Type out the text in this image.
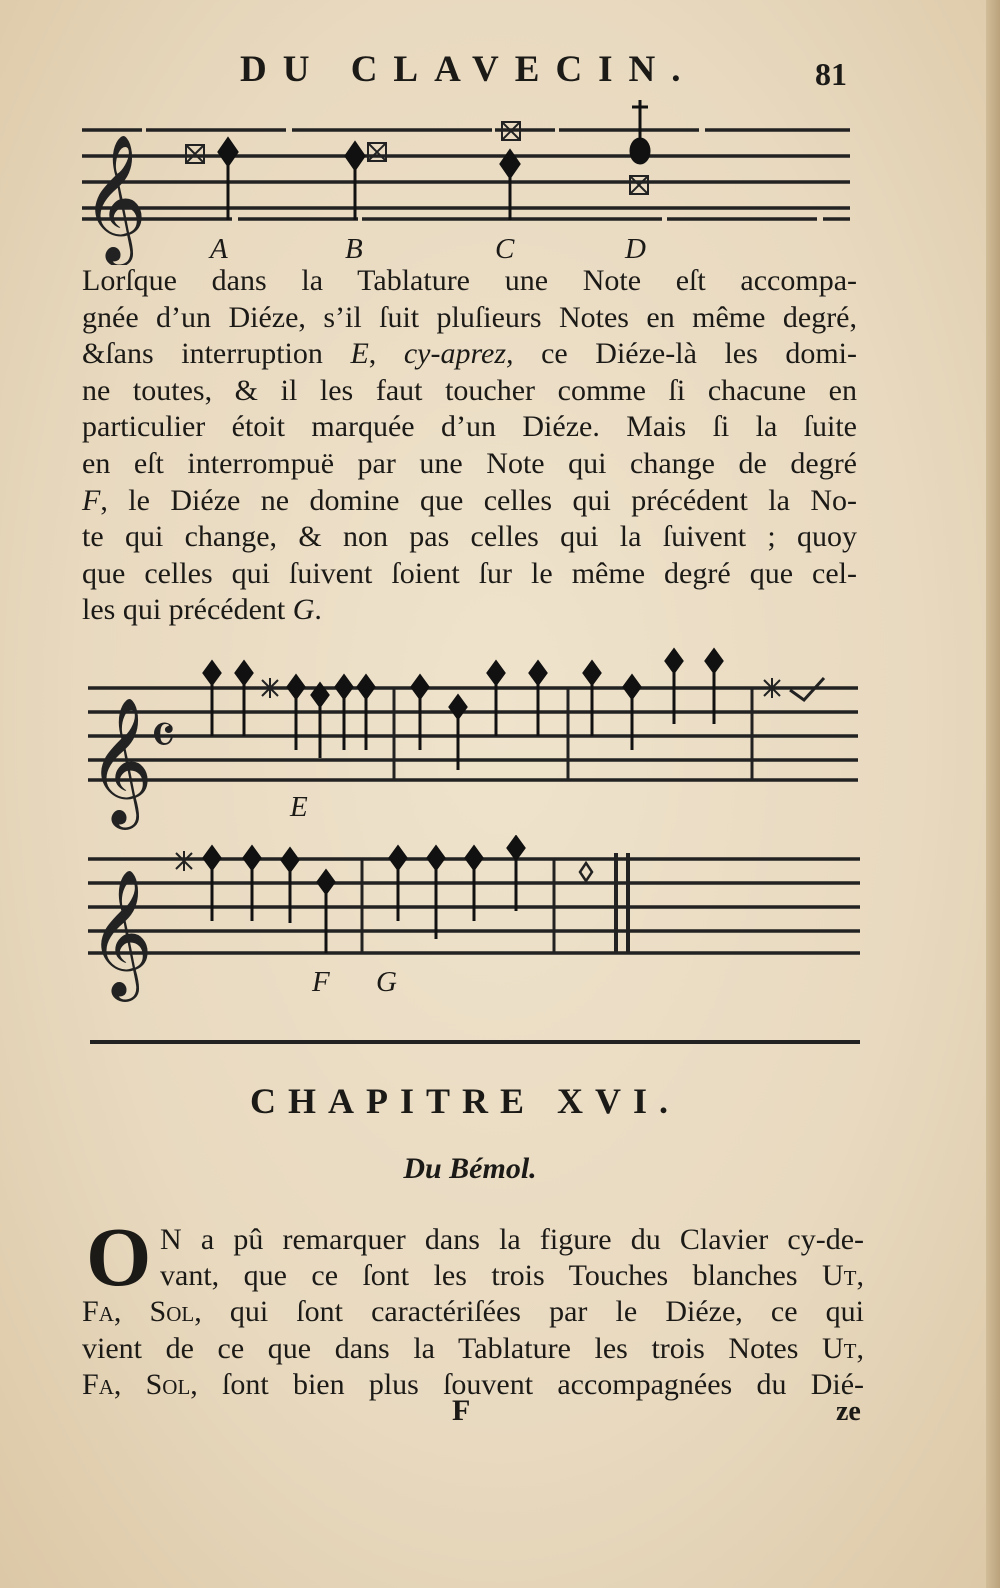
DU CLAVECIN.	81
𝄞 A	B	C	D

Lorſque dans la Tablature une Note eſt accompa-

gnée d’un Diéze, s’il ſuit pluſieurs Notes en même degré,

&ſans interruption E, cy-aprez, ce Diéze-là les domi-

ne toutes, & il les faut toucher comme ſi chacune en

particulier étoit marquée d’un Diéze. Mais ſi la ſuite

en eſt interrompuë par une Note qui change de degré

F, le Diéze ne domine que celles qui précédent la No-

te qui change, & non pas celles qui la ſuivent ; quoy

que celles qui ſuivent ſoient ſur le même degré que cel-

les qui précédent G.

𝄞
𝄴
E
𝄞	F G
CHAPITRE XVI.
Du Bémol.
O N a pû remarquer dans la figure du Clavier cy-de-

vant, que ce ſont les trois Touches blanches Ut,

Fa, Sol, qui ſont caractériſées par le Diéze, ce qui

vient de ce que dans la Tablature les trois Notes Ut,

Fa, Sol, ſont bien plus ſouvent accompagnées du Dié-

F	ze
